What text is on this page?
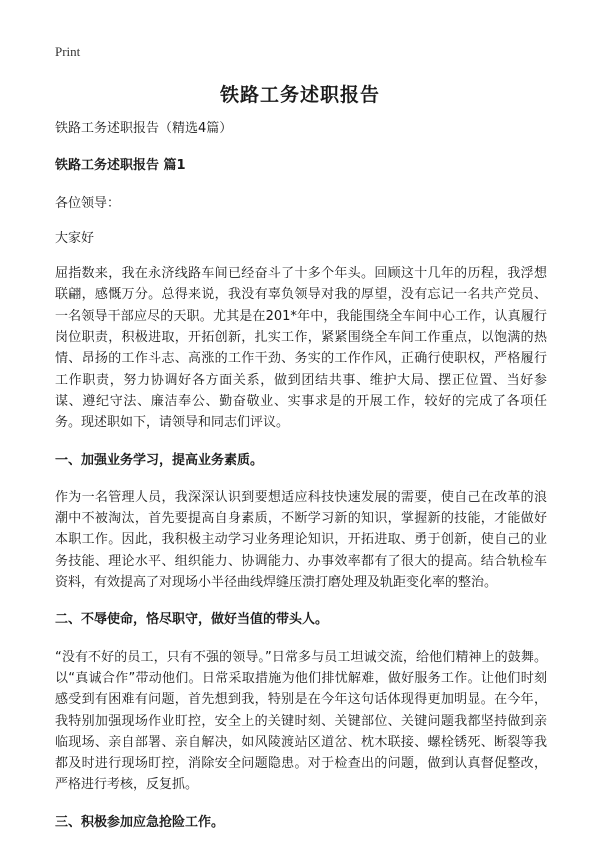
Print
铁路工务述职报告

铁路工务述职报告（精选4篇）

铁路工务述职报告 篇1

各位领导：

大家好

屈指数来，我在永济线路车间已经奋斗了十多个年头。回顾这十几年的历程，我浮想联翩，感慨万分。总得来说，我没有辜负领导对我的厚望，没有忘记一名共产党员、一名领导干部应尽的天职。尤其是在201*年中，我能围绕全车间中心工作，认真履行岗位职责，积极进取，开拓创新，扎实工作，紧紧围绕全车间工作重点，以饱满的热情、昂扬的工作斗志、高涨的工作干劲、务实的工作作风，正确行使职权，严格履行工作职责，努力协调好各方面关系，做到团结共事、维护大局、摆正位置、当好参谋、遵纪守法、廉洁奉公、勤奋敬业、实事求是的开展工作，较好的完成了各项任务。现述职如下，请领导和同志们评议。

一、加强业务学习，提高业务素质。

作为一名管理人员，我深深认识到要想适应科技快速发展的需要，使自己在改革的浪潮中不被淘汰，首先要提高自身素质，不断学习新的知识，掌握新的技能，才能做好本职工作。因此，我积极主动学习业务理论知识，开拓进取、勇于创新，使自己的业务技能、理论水平、组织能力、协调能力、办事效率都有了很大的提高。结合轨检车资料，有效提高了对现场小半径曲线焊缝压溃打磨处理及轨距变化率的整治。

二、不辱使命，恪尽职守，做好当值的带头人。

“没有不好的员工，只有不强的领导。”日常多与员工坦诚交流，给他们精神上的鼓舞。以“真诚合作”带动他们。日常采取措施为他们排忧解难，做好服务工作。让他们时刻感受到有困难有问题，首先想到我，特别是在今年这句话体现得更加明显。在今年，我特别加强现场作业盯控，安全上的关键时刻、关键部位、关键问题我都坚持做到亲临现场、亲自部署、亲自解决，如风陵渡站区道岔、枕木联接、螺栓锈死、断裂等我都及时进行现场盯控，消除安全问题隐患。对于检查出的问题，做到认真督促整改，严格进行考核，反复抓。

三、积极参加应急抢险工作。
